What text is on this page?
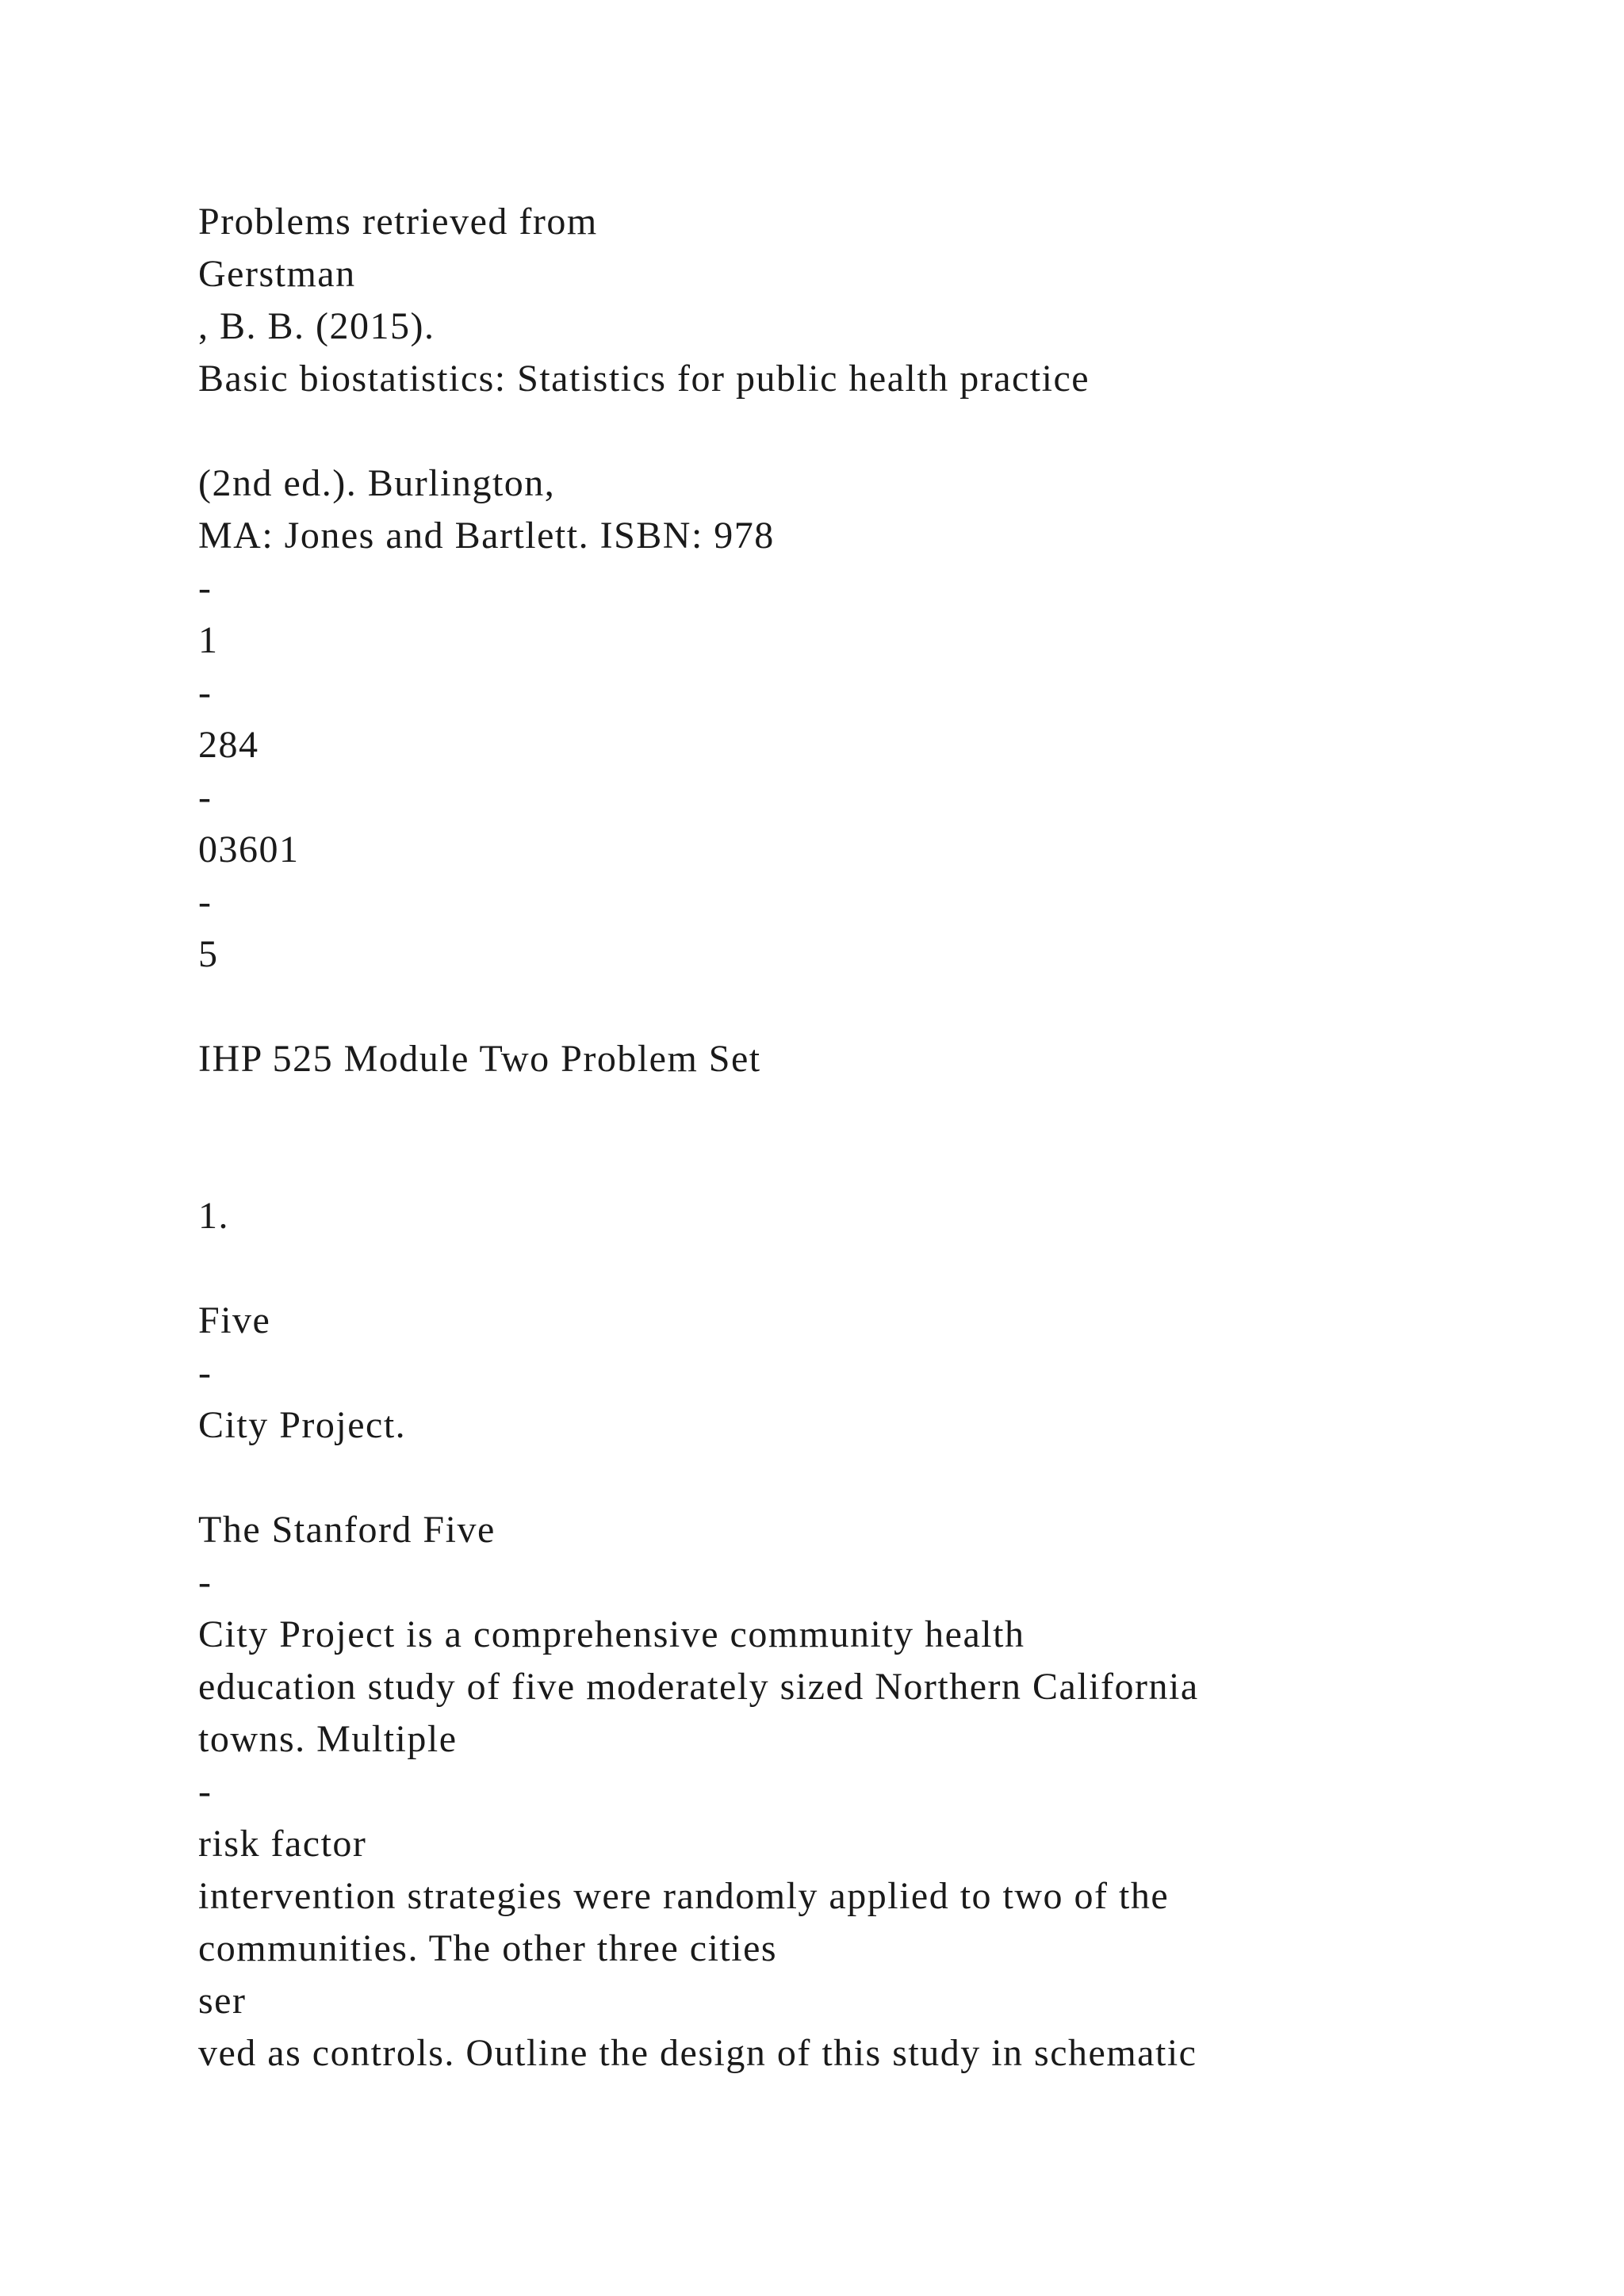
Problems retrieved from
Gerstman
, B. B. (2015).
Basic biostatistics: Statistics for public health practice
(2nd ed.). Burlington,
MA: Jones and Bartlett. ISBN: 978
-
1
-
284
-
03601
-
5
IHP 525 Module Two Problem Set
1.
Five
-
City Project.
The Stanford Five
-
City Project is a comprehensive community health
education study of five moderately sized Northern California
towns. Multiple
-
risk factor
intervention strategies were randomly applied to two of the
communities. The other three cities
ser
ved as controls. Outline the design of this study in schematic
